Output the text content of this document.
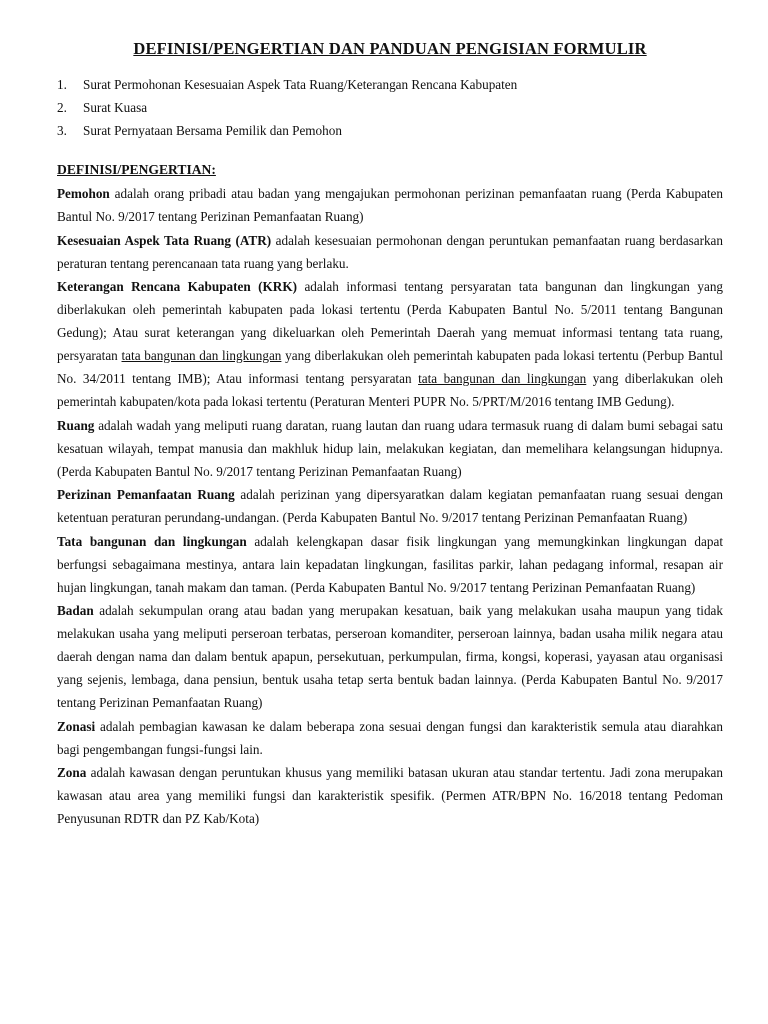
DEFINISI/PENGERTIAN DAN PANDUAN PENGISIAN FORMULIR
1.	Surat Permohonan Kesesuaian Aspek Tata Ruang/Keterangan Rencana Kabupaten
2.	Surat Kuasa
3.	Surat Pernyataan Bersama Pemilik dan Pemohon
DEFINISI/PENGERTIAN:

Pemohon adalah orang pribadi atau badan yang mengajukan permohonan perizinan pemanfaatan ruang (Perda Kabupaten Bantul No. 9/2017 tentang Perizinan Pemanfaatan Ruang)

Kesesuaian Aspek Tata Ruang (ATR) adalah kesesuaian permohonan dengan peruntukan pemanfaatan ruang berdasarkan peraturan tentang perencanaan tata ruang yang berlaku.

Keterangan Rencana Kabupaten (KRK) adalah informasi tentang persyaratan tata bangunan dan lingkungan yang diberlakukan oleh pemerintah kabupaten pada lokasi tertentu (Perda Kabupaten Bantul No. 5/2011 tentang Bangunan Gedung); Atau surat keterangan yang dikeluarkan oleh Pemerintah Daerah yang memuat informasi tentang tata ruang, persyaratan tata bangunan dan lingkungan yang diberlakukan oleh pemerintah kabupaten pada lokasi tertentu (Perbup Bantul No. 34/2011 tentang IMB); Atau informasi tentang persyaratan tata bangunan dan lingkungan yang diberlakukan oleh pemerintah kabupaten/kota pada lokasi tertentu (Peraturan Menteri PUPR No. 5/PRT/M/2016 tentang IMB Gedung).

Ruang adalah wadah yang meliputi ruang daratan, ruang lautan dan ruang udara termasuk ruang di dalam bumi sebagai satu kesatuan wilayah, tempat manusia dan makhluk hidup lain, melakukan kegiatan, dan memelihara kelangsungan hidupnya. (Perda Kabupaten Bantul No. 9/2017 tentang Perizinan Pemanfaatan Ruang)

Perizinan Pemanfaatan Ruang adalah perizinan yang dipersyaratkan dalam kegiatan pemanfaatan ruang sesuai dengan ketentuan peraturan perundang-undangan. (Perda Kabupaten Bantul No. 9/2017 tentang Perizinan Pemanfaatan Ruang)

Tata bangunan dan lingkungan adalah kelengkapan dasar fisik lingkungan yang memungkinkan lingkungan dapat berfungsi sebagaimana mestinya, antara lain kepadatan lingkungan, fasilitas parkir, lahan pedagang informal, resapan air hujan lingkungan, tanah makam dan taman. (Perda Kabupaten Bantul No. 9/2017 tentang Perizinan Pemanfaatan Ruang)

Badan adalah sekumpulan orang atau badan yang merupakan kesatuan, baik yang melakukan usaha maupun yang tidak melakukan usaha yang meliputi perseroan terbatas, perseroan komanditer, perseroan lainnya, badan usaha milik negara atau daerah dengan nama dan dalam bentuk apapun, persekutuan, perkumpulan, firma, kongsi, koperasi, yayasan atau organisasi yang sejenis, lembaga, dana pensiun, bentuk usaha tetap serta bentuk badan lainnya. (Perda Kabupaten Bantul No. 9/2017 tentang Perizinan Pemanfaatan Ruang)

Zonasi adalah pembagian kawasan ke dalam beberapa zona sesuai dengan fungsi dan karakteristik semula atau diarahkan bagi pengembangan fungsi-fungsi lain.

Zona adalah kawasan dengan peruntukan khusus yang memiliki batasan ukuran atau standar tertentu. Jadi zona merupakan kawasan atau area yang memiliki fungsi dan karakteristik spesifik. (Permen ATR/BPN No. 16/2018 tentang Pedoman Penyusunan RDTR dan PZ Kab/Kota)
